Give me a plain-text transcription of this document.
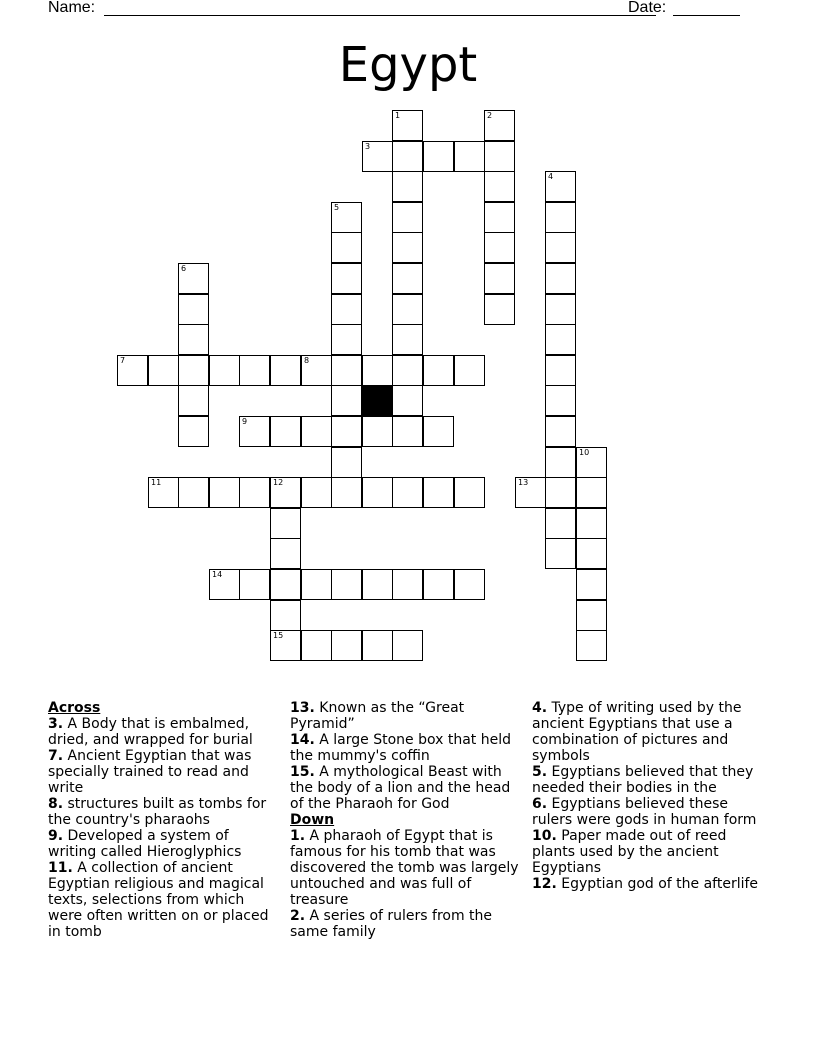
Name:	Date:
Egypt
1	2
3
4
5
6
7	8
9
10
11	12	13
14
15
Across
3. A Body that is embalmed, dried, and wrapped for burial
7. Ancient Egyptian that was specially trained to read and write
8. structures built as tombs for the country's pharaohs
9. Developed a system of writing called Hieroglyphics
11. A collection of ancient Egyptian religious and magical texts, selections from which were often written on or placed in tomb
13. Known as the “Great Pyramid”
14. A large Stone box that held the mummy's coffin
15. A mythological Beast with the body of a lion and the head of the Pharaoh for God
Down
1. A pharaoh of Egypt that is famous for his tomb that was discovered the tomb was largely untouched and was full of treasure
2. A series of rulers from the same family
4. Type of writing used by the ancient Egyptians that use a combination of pictures and symbols
5. Egyptians believed that they needed their bodies in the
6. Egyptians believed these rulers were gods in human form
10. Paper made out of reed plants used by the ancient Egyptians
12. Egyptian god of the afterlife
